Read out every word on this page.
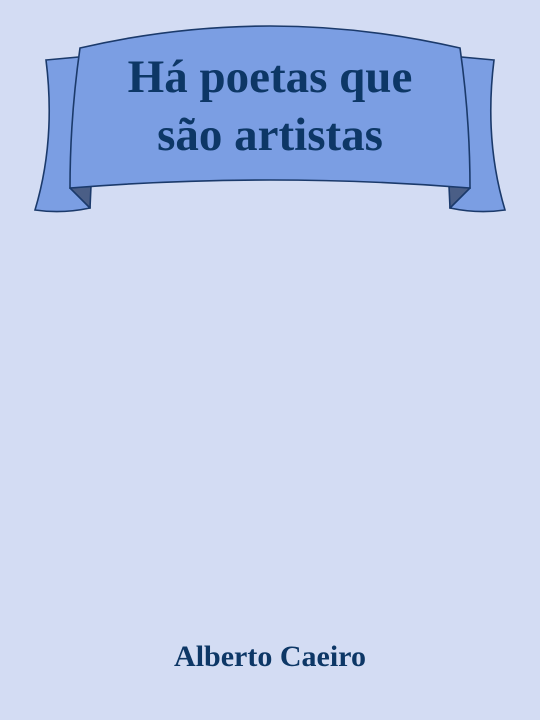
Há poetas que
são artistas
Alberto Caeiro
